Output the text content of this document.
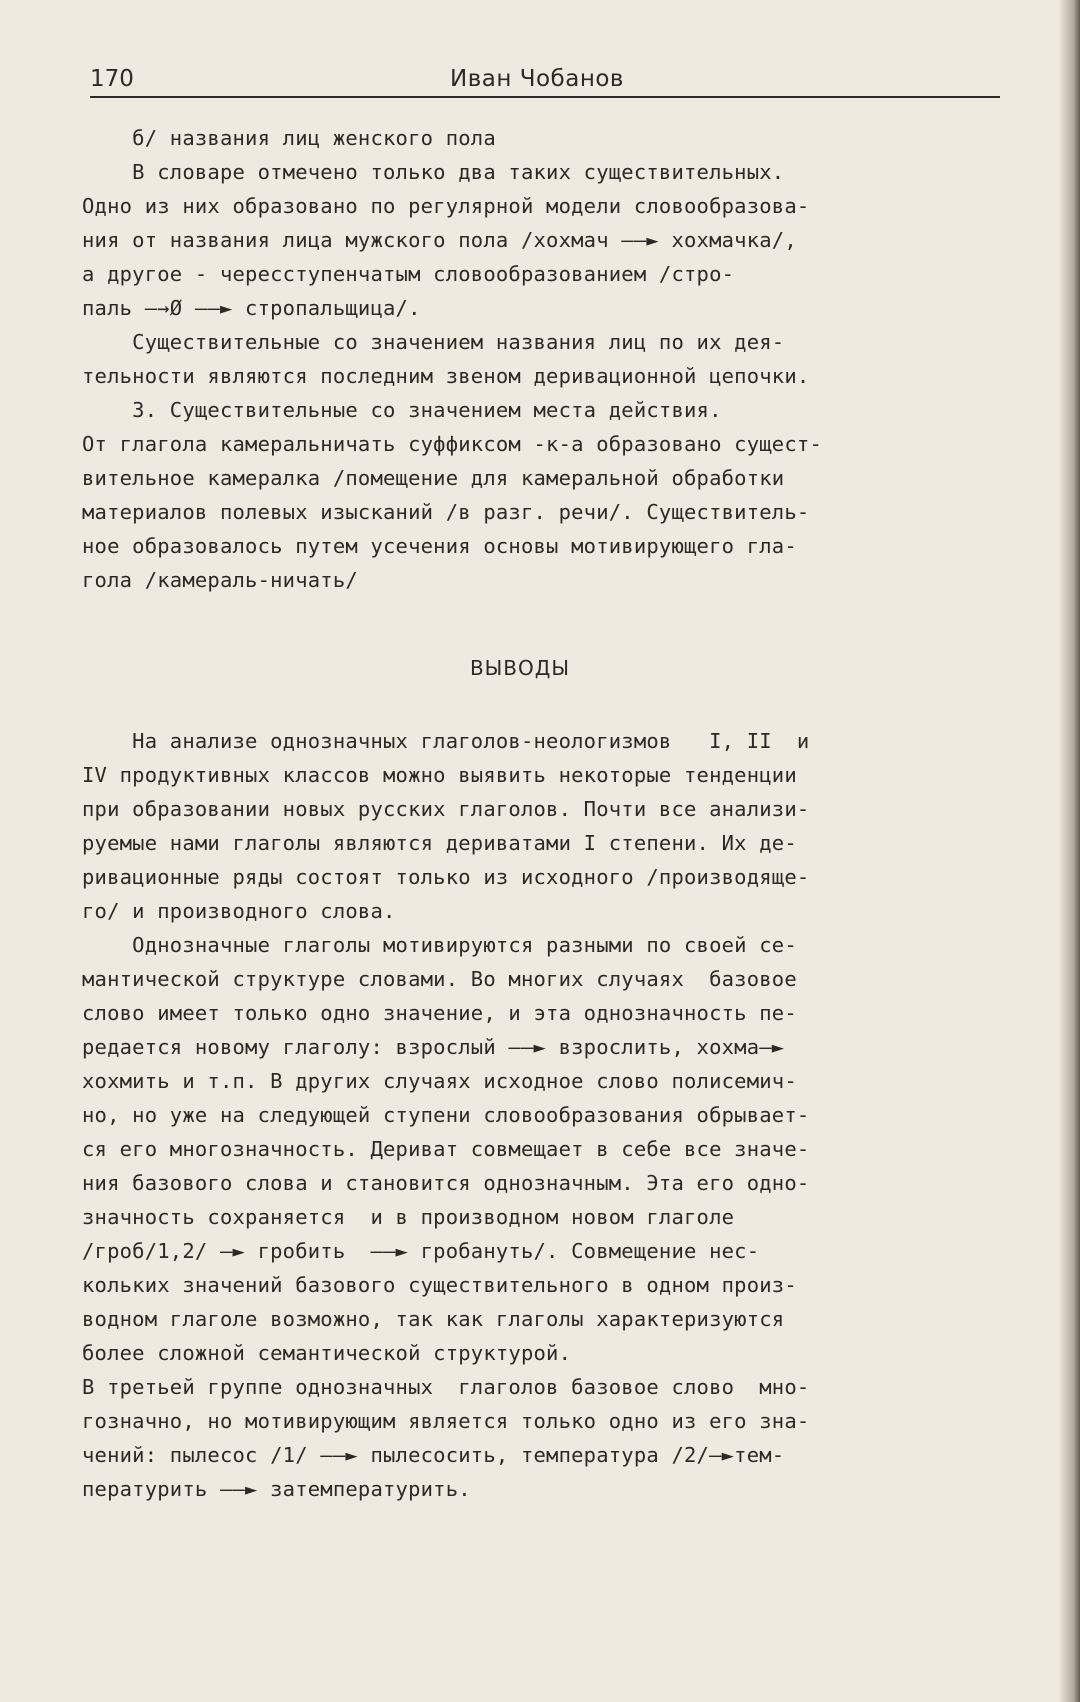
170	Иван Чобанов
б/ названия лиц женского пола
В словаре отмечено только два таких существительных.
Одно из них образовано по регулярной модели словообразова-
ния от названия лица мужского пола /хохмач ——► хохмачка/,
а другое - чересступенчатым словообразованием /стро-
паль —→Ø ——► стропальщица/.
Существительные со значением названия лиц по их дея-
тельности являются последним звеном деривационной цепочки.
3. Существительные со значением места действия.
От глагола камеральничать суффиксом -к-а образовано сущест-
вительное камералка /помещение для камеральной обработки
материалов полевых изысканий /в разг. речи/. Существитель-
ное образовалось путем усечения основы мотивирующего гла-
гола /камераль-ничать/
ВЫВОДЫ
На анализе однозначных глаголов-неологизмов   I, II  и
IV продуктивных классов можно выявить некоторые тенденции
при образовании новых русских глаголов. Почти все анализи-
руемые нами глаголы являются дериватами I степени. Их де-
ривационные ряды состоят только из исходного /производяще-
го/ и производного слова.
Однозначные глаголы мотивируются разными по своей се-
мантической структуре словами. Во многих случаях  базовое
слово имеет только одно значение, и эта однозначность пе-
редается новому глаголу: взрослый ——► взрослить, хохма—►
хохмить и т.п. В других случаях исходное слово полисемич-
но, но уже на следующей ступени словообразования обрывает-
ся его многозначность. Дериват совмещает в себе все значе-
ния базового слова и становится однозначным. Эта его одно-
значность сохраняется  и в производном новом глаголе
/гроб/1,2/ —► гробить  ——► гробануть/. Совмещение нес-
кольких значений базового существительного в одном произ-
водном глаголе возможно, так как глаголы характеризуются
более сложной семантической структурой.
В третьей группе однозначных  глаголов базовое слово  мно-
гозначно, но мотивирующим является только одно из его зна-
чений: пылесос /1/ ——► пылесосить, температура /2/—►тем-
пературить ——► затемпературить.
